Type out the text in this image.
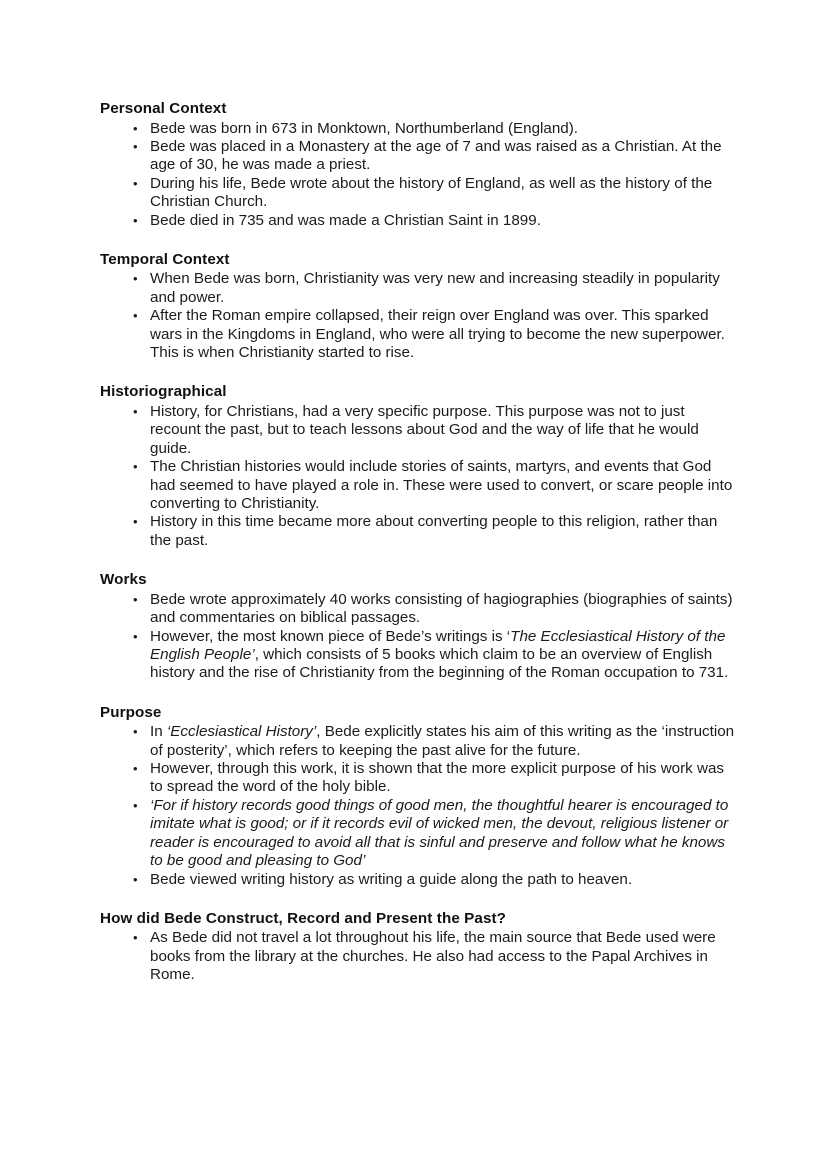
Personal Context
• Bede was born in 673 in Monktown, Northumberland (England).
• Bede was placed in a Monastery at the age of 7 and was raised as a Christian. At the age of 30, he was made a priest.
• During his life, Bede wrote about the history of England, as well as the history of the Christian Church.
• Bede died in 735 and was made a Christian Saint in 1899.
Temporal Context
• When Bede was born, Christianity was very new and increasing steadily in popularity and power.
• After the Roman empire collapsed, their reign over England was over. This sparked wars in the Kingdoms in England, who were all trying to become the new superpower. This is when Christianity started to rise.
Historiographical
• History, for Christians, had a very specific purpose. This purpose was not to just recount the past, but to teach lessons about God and the way of life that he would guide.
• The Christian histories would include stories of saints, martyrs, and events that God had seemed to have played a role in. These were used to convert, or scare people into converting to Christianity.
• History in this time became more about converting people to this religion, rather than the past.
Works
• Bede wrote approximately 40 works consisting of hagiographies (biographies of saints) and commentaries on biblical passages.
• However, the most known piece of Bede’s writings is ‘The Ecclesiastical History of the English People’, which consists of 5 books which claim to be an overview of English history and the rise of Christianity from the beginning of the Roman occupation to 731.
Purpose
• In ‘Ecclesiastical History’, Bede explicitly states his aim of this writing as the ‘instruction of posterity’, which refers to keeping the past alive for the future.
• However, through this work, it is shown that the more explicit purpose of his work was to spread the word of the holy bible.
• ‘For if history records good things of good men, the thoughtful hearer is encouraged to imitate what is good; or if it records evil of wicked men, the devout, religious listener or reader is encouraged to avoid all that is sinful and preserve and follow what he knows to be good and pleasing to God’
• Bede viewed writing history as writing a guide along the path to heaven.
How did Bede Construct, Record and Present the Past?
• As Bede did not travel a lot throughout his life, the main source that Bede used were books from the library at the churches. He also had access to the Papal Archives in Rome.
